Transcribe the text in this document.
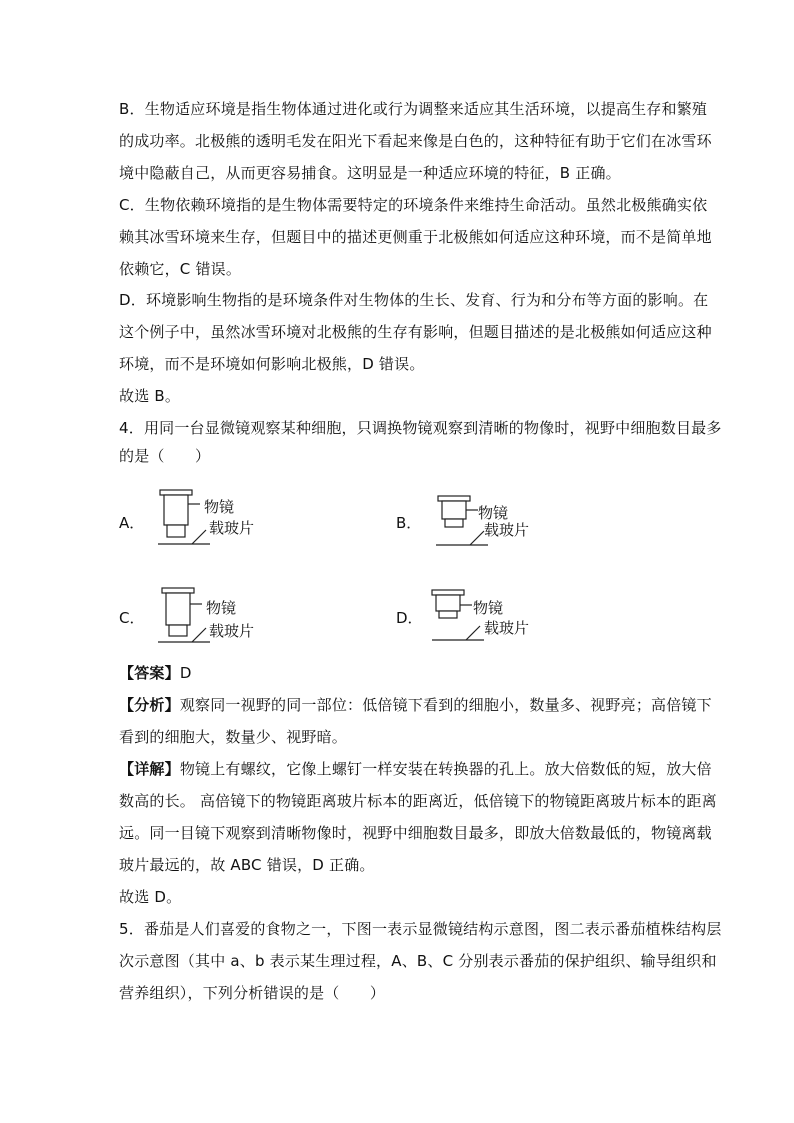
B．生物适应环境是指生物体通过进化或行为调整来适应其生活环境，以提高生存和繁殖
的成功率。北极熊的透明毛发在阳光下看起来像是白色的，这种特征有助于它们在冰雪环
境中隐蔽自己，从而更容易捕食。这明显是一种适应环境的特征，B 正确。
C．生物依赖环境指的是生物体需要特定的环境条件来维持生命活动。虽然北极熊确实依
赖其冰雪环境来生存，但题目中的描述更侧重于北极熊如何适应这种环境，而不是简单地
依赖它，C 错误。
D．环境影响生物指的是环境条件对生物体的生长、发育、行为和分布等方面的影响。在
这个例子中，虽然冰雪环境对北极熊的生存有影响，但题目描述的是北极熊如何适应这种
环境，而不是环境如何影响北极熊，D 错误。
故选 B。
4．用同一台显微镜观察某种细胞，只调换物镜观察到清晰的物像时，视野中细胞数目最多
的是（　　）
A．
物镜
载玻片	B．
物镜
载玻片
C．
物镜
载玻片
D．
物镜
载玻片
【答案】D
【分析】观察同一视野的同一部位：低倍镜下看到的细胞小，数量多、视野亮；高倍镜下
看到的细胞大，数量少、视野暗。
【详解】物镜上有螺纹，它像上螺钉一样安装在转换器的孔上。放大倍数低的短，放大倍
数高的长。 高倍镜下的物镜距离玻片标本的距离近，低倍镜下的物镜距离玻片标本的距离
远。同一目镜下观察到清晰物像时，视野中细胞数目最多，即放大倍数最低的，物镜离载
玻片最远的，故 ABC 错误，D 正确。
故选 D。
5．番茄是人们喜爱的食物之一，下图一表示显微镜结构示意图，图二表示番茄植株结构层
次示意图（其中 a、b 表示某生理过程，A、B、C 分别表示番茄的保护组织、输导组织和
营养组织），下列分析错误的是（　　）
